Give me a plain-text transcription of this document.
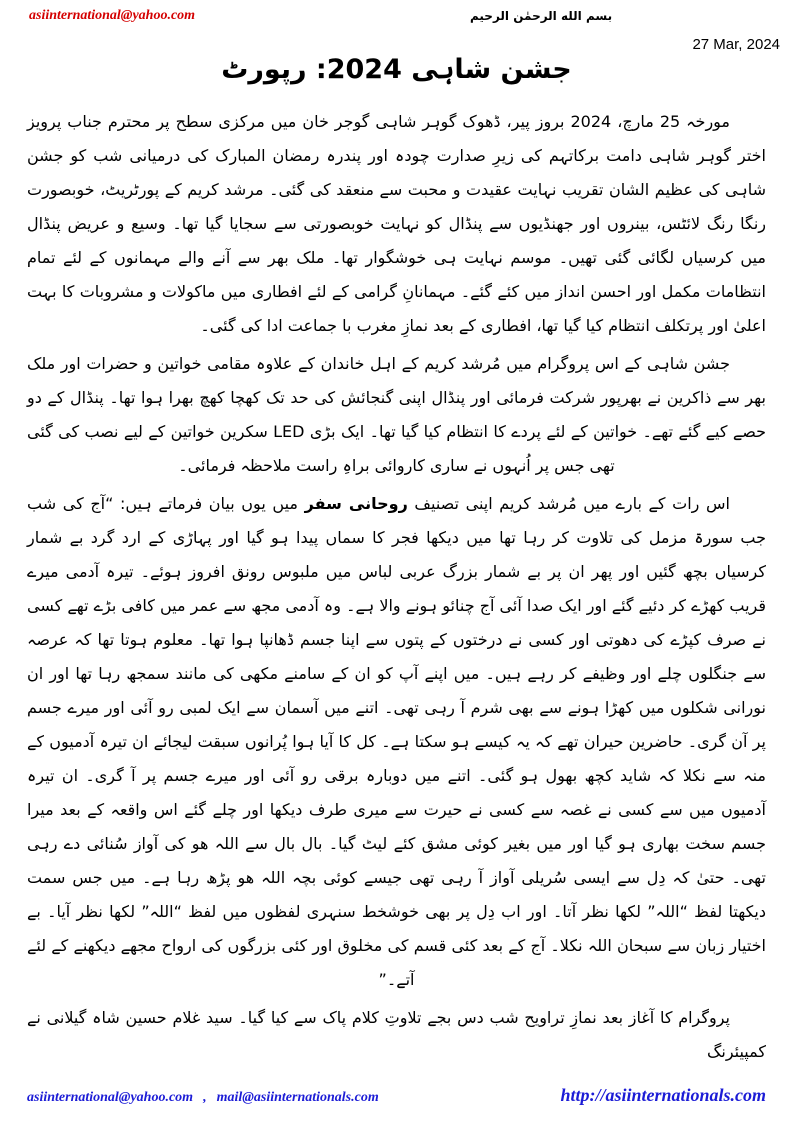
asiinternational@yahoo.com	بسم الله الرحمٰن الرحيم
27 Mar, 2024
جشن شاہی 2024: رپورٹ

مورخہ 25 مارچ، 2024 بروز پیر، ڈھوک گوہر شاہی گوجر خان میں مرکزی سطح پر محترم جناب پرویز اختر گوہر شاہی دامت برکاتہم کی زیرِ صدارت چودہ اور پندرہ رمضان المبارک کی درمیانی شب کو جشن شاہی کی عظیم الشان تقریب نہایت عقیدت و محبت سے منعقد کی گئی۔ مرشد کریم کے پورٹریٹ، خوبصورت رنگا رنگ لائٹس، بینروں اور جھنڈیوں سے پنڈال کو نہایت خوبصورتی سے سجایا گیا تھا۔ وسیع و عریض پنڈال میں کرسیاں لگائی گئی تھیں۔ موسم نہایت ہی خوشگوار تھا۔ ملک بھر سے آنے والے مہمانوں کے لئے تمام انتظامات مکمل اور احسن انداز میں کئے گئے۔ مہمانانِ گرامی کے لئے افطاری میں ماکولات و مشروبات کا بہت اعلیٰ اور پرتکلف انتظام کیا گیا تھا، افطاری کے بعد نمازِ مغرب با جماعت ادا کی گئی۔

جشن شاہی کے اس پروگرام میں مُرشد کریم کے اہل خاندان کے علاوہ مقامی خواتین و حضرات اور ملک بھر سے ذاکرین نے بھرپور شرکت فرمائی اور پنڈال اپنی گنجائش کی حد تک کھچا کھچ بھرا ہوا تھا۔ پنڈال کے دو حصے کیے گئے تھے۔ خواتین کے لئے پردے کا انتظام کیا گیا تھا۔ ایک بڑی LED سکرین خواتین کے لیے نصب کی گئی تھی جس پر اُنہوں نے ساری کاروائی براہِ راست ملاحظہ فرمائی۔

اس رات کے بارے میں مُرشد کریم اپنی تصنیف روحانی سفر میں یوں بیان فرماتے ہیں: “آج کی شب جب سورۃ مزمل کی تلاوت کر رہا تھا میں دیکھا فجر کا سماں پیدا ہو گیا اور پہاڑی کے ارد گرد بے شمار کرسیاں بچھ گئیں اور پھر ان پر بے شمار بزرگ عربی لباس میں ملبوس رونق افروز ہوئے۔ تیرہ آدمی میرے قریب کھڑے کر دئیے گئے اور ایک صدا آئی آج چنائو ہونے والا ہے۔ وہ آدمی مجھ سے عمر میں کافی بڑے تھے کسی نے صرف کپڑے کی دھوتی اور کسی نے درختوں کے پتوں سے اپنا جسم ڈھانپا ہوا تھا۔ معلوم ہوتا تھا کہ عرصہ سے جنگلوں چلے اور وظیفے کر رہے ہیں۔ میں اپنے آپ کو ان کے سامنے مکھی کی مانند سمجھ رہا تھا اور ان نورانی شکلوں میں کھڑا ہونے سے بھی شرم آ رہی تھی۔ اتنے میں آسمان سے ایک لمبی رو آئی اور میرے جسم پر آن گری۔ حاضرین حیران تھے کہ یہ کیسے ہو سکتا ہے۔ کل کا آیا ہوا پُرانوں سبقت لیجائے ان تیرہ آدمیوں کے منہ سے نکلا کہ شاید کچھ بھول ہو گئی۔ اتنے میں دوبارہ برقی رو آئی اور میرے جسم پر آ گری۔ ان تیرہ آدمیوں میں سے کسی نے غصہ سے کسی نے حیرت سے میری طرف دیکھا اور چلے گئے اس واقعہ کے بعد میرا جسم سخت بھاری ہو گیا اور میں بغیر کوئی مشق کئے لیٹ گیا۔ بال بال سے اللہ ھو کی آواز سُنائی دے رہی تھی۔ حتیٰ کہ دِل سے ایسی سُریلی آواز آ رہی تھی جیسے کوئی بچہ اللہ ھو پڑھ رہا ہے۔ میں جس سمت دیکھتا لفظ “اللہ” لکھا نظر آتا۔ اور اب دِل پر بھی خوشخط سنہری لفظوں میں لفظ “اللہ” لکھا نظر آیا۔ بے اختیار زبان سے سبحان اللہ نکلا۔ آج کے بعد کئی قسم کی مخلوق اور کئی بزرگوں کی ارواح مجھے دیکھنے کے لئے آتے۔”

پروگرام کا آغاز بعد نمازِ تراویح شب دس بجے تلاوتِ کلام پاک سے کیا گیا۔ سید غلام حسین شاہ گیلانی نے کمپیئرنگ

asiinternational@yahoo.com , mail@asiinternationals.com	http://asiinternationals.com
